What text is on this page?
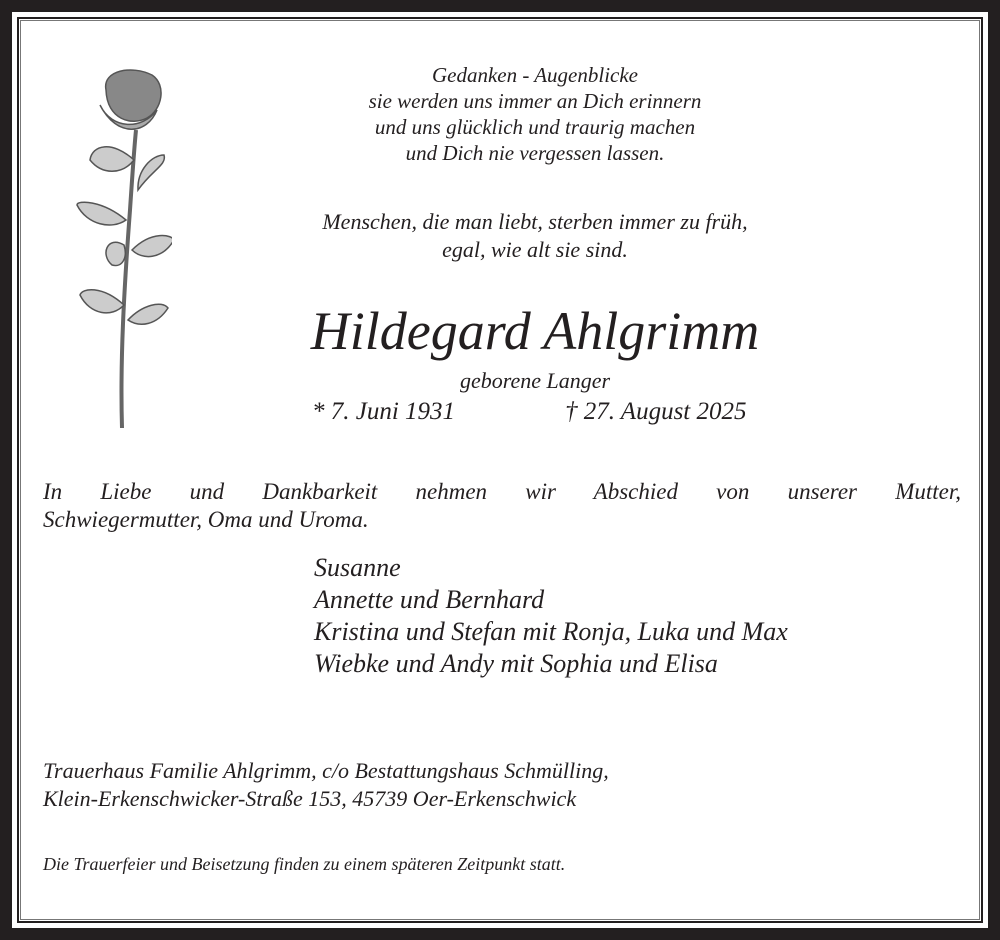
Gedanken - Augenblicke
sie werden uns immer an Dich erinnern
und uns glücklich und traurig machen
und Dich nie vergessen lassen.
Menschen, die man liebt, sterben immer zu früh,
egal, wie alt sie sind.
Hildegard Ahlgrimm
geborene Langer
* 7. Juni 1931	† 27. August 2025
In Liebe und Dankbarkeit nehmen wir Abschied von unserer Mutter,
Schwiegermutter, Oma und Uroma.
Susanne
Annette und Bernhard
Kristina und Stefan mit Ronja, Luka und Max
Wiebke und Andy mit Sophia und Elisa
Trauerhaus Familie Ahlgrimm, c/o Bestattungshaus Schmülling,
Klein-Erkenschwicker-Straße 153, 45739 Oer-Erkenschwick
Die Trauerfeier und Beisetzung finden zu einem späteren Zeitpunkt statt.
